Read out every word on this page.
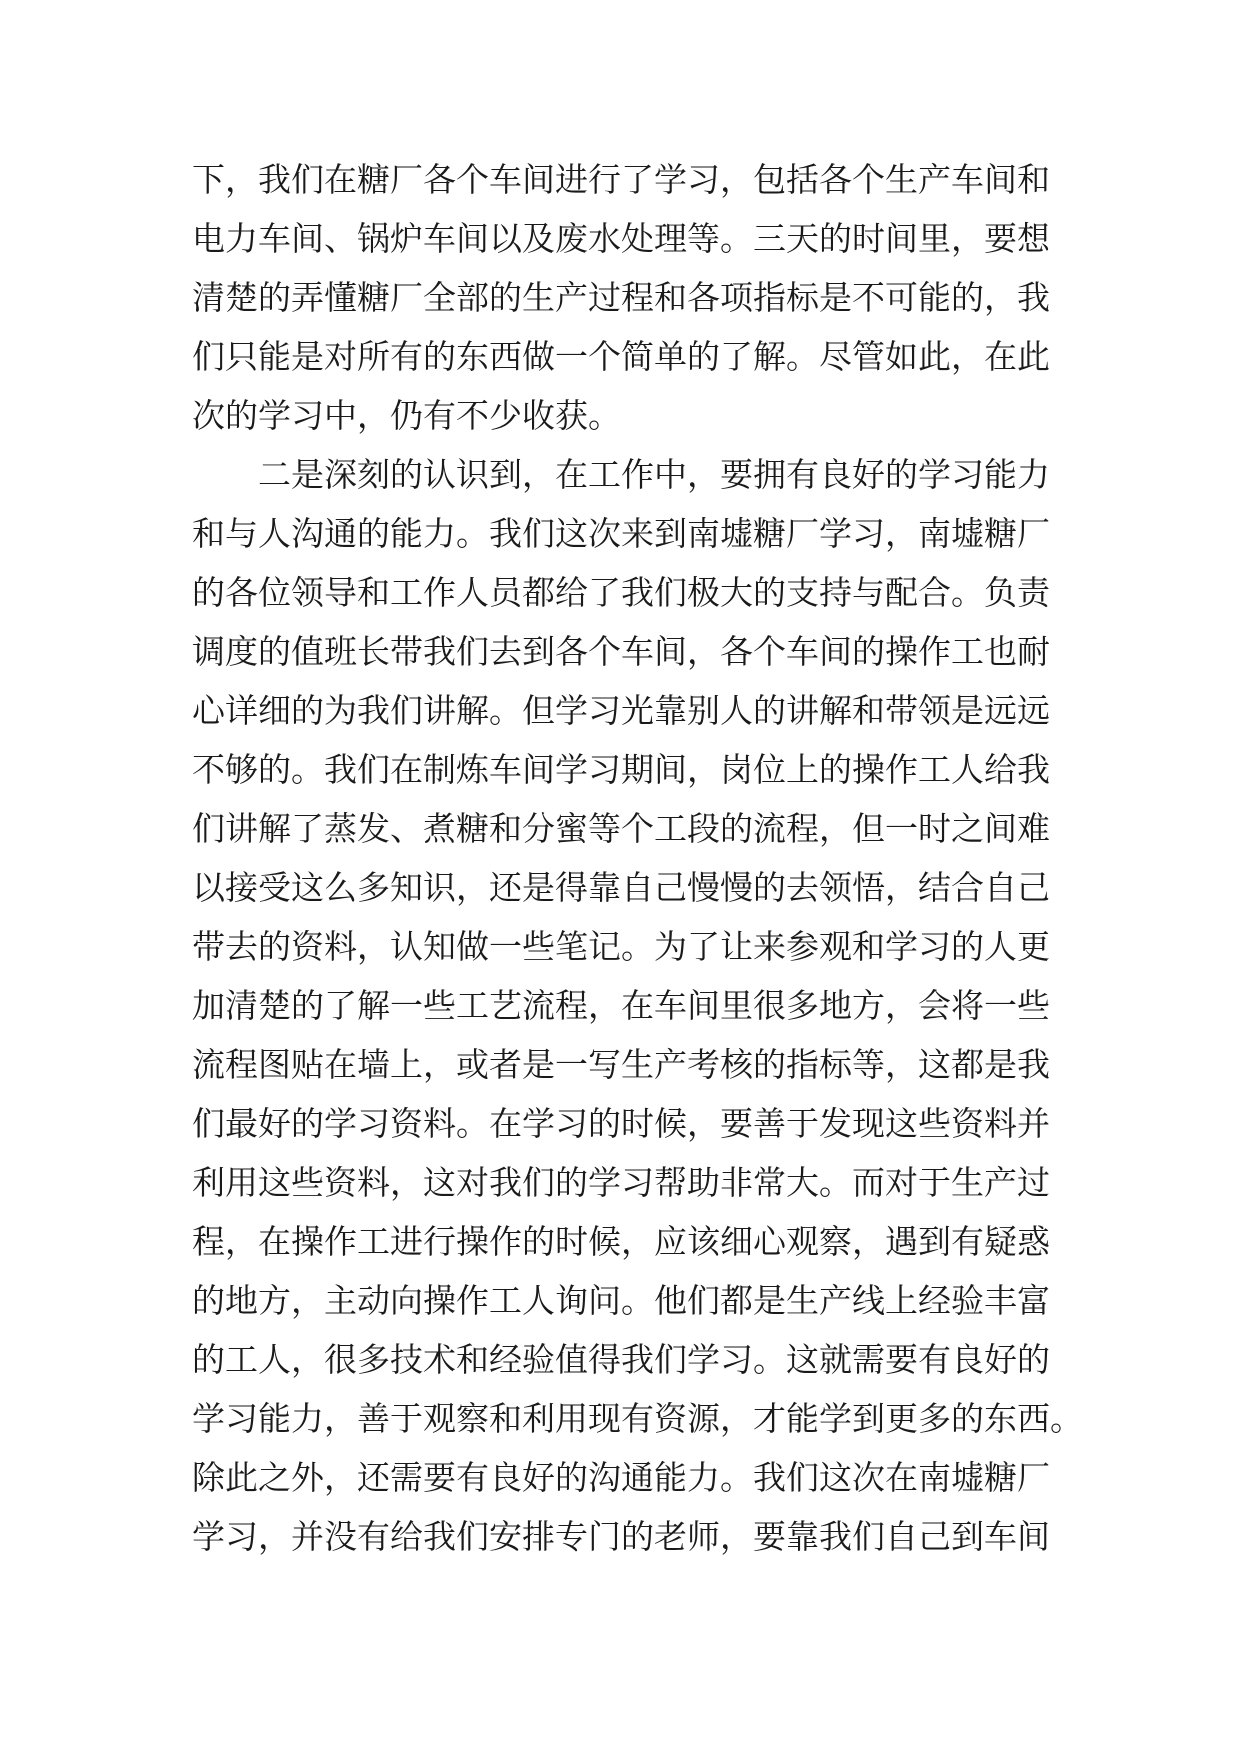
下，我们在糖厂各个车间进行了学习，包括各个生产车间和
电力车间、锅炉车间以及废水处理等。三天的时间里，要想
清楚的弄懂糖厂全部的生产过程和各项指标是不可能的，我
们只能是对所有的东西做一个简单的了解。尽管如此，在此
次的学习中，仍有不少收获。
二是深刻的认识到，在工作中，要拥有良好的学习能力
和与人沟通的能力。我们这次来到南墟糖厂学习，南墟糖厂
的各位领导和工作人员都给了我们极大的支持与配合。负责
调度的值班长带我们去到各个车间，各个车间的操作工也耐
心详细的为我们讲解。但学习光靠别人的讲解和带领是远远
不够的。我们在制炼车间学习期间，岗位上的操作工人给我
们讲解了蒸发、煮糖和分蜜等个工段的流程，但一时之间难
以接受这么多知识，还是得靠自己慢慢的去领悟，结合自己
带去的资料，认知做一些笔记。为了让来参观和学习的人更
加清楚的了解一些工艺流程，在车间里很多地方，会将一些
流程图贴在墙上，或者是一写生产考核的指标等，这都是我
们最好的学习资料。在学习的时候，要善于发现这些资料并
利用这些资料，这对我们的学习帮助非常大。而对于生产过
程，在操作工进行操作的时候，应该细心观察，遇到有疑惑
的地方，主动向操作工人询问。他们都是生产线上经验丰富
的工人，很多技术和经验值得我们学习。这就需要有良好的
学习能力，善于观察和利用现有资源，才能学到更多的东西。
除此之外，还需要有良好的沟通能力。我们这次在南墟糖厂
学习，并没有给我们安排专门的老师，要靠我们自己到车间
